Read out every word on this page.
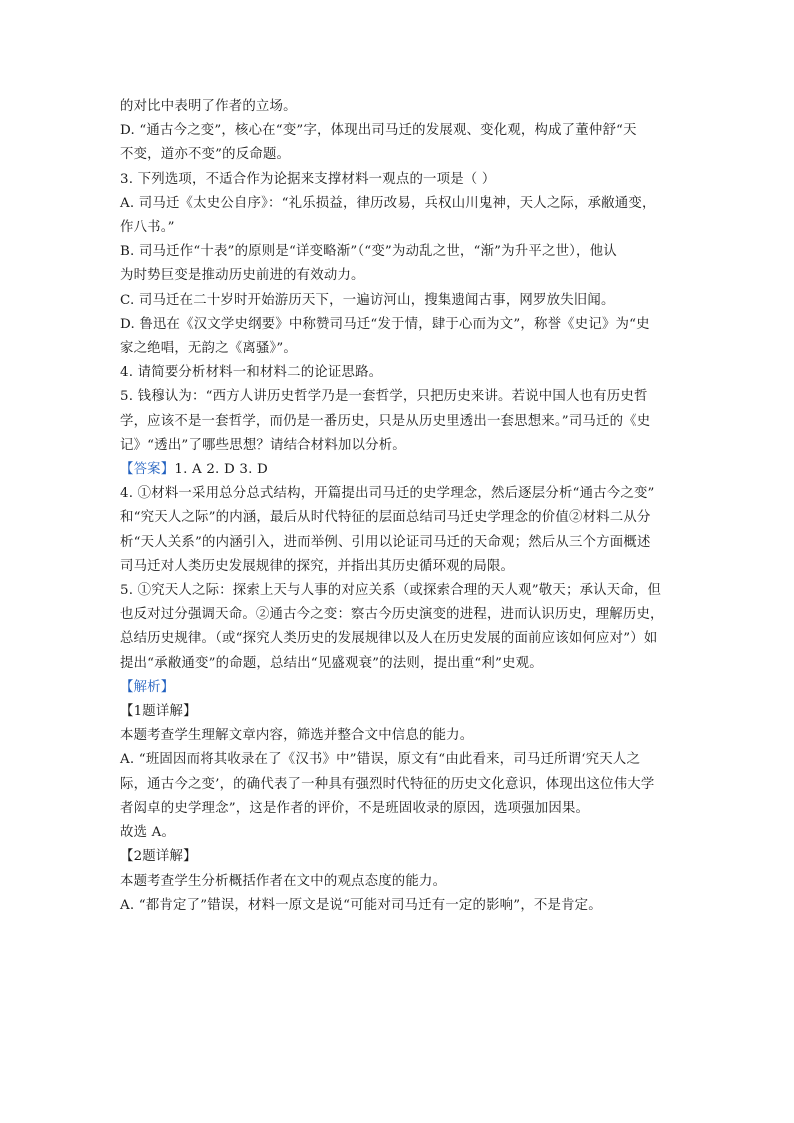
的对比中表明了作者的立场。
D. “通古今之变”，核心在“变”字，体现出司马迁的发展观、变化观，构成了董仲舒“天
不变，道亦不变”的反命题。
3. 下列选项，不适合作为论据来支撑材料一观点的一项是（ ）
A. 司马迁《太史公自序》：“礼乐损益，律历改易，兵权山川鬼神，天人之际，承敝通变，
作八书。”
B. 司马迁作“十表”的原则是“详变略渐”（“变”为动乱之世，“渐”为升平之世），他认
为时势巨变是推动历史前进的有效动力。
C. 司马迁在二十岁时开始游历天下，一遍访河山，搜集遗闻古事，网罗放失旧闻。
D. 鲁迅在《汉文学史纲要》中称赞司马迁“发于情，肆于心而为文”，称誉《史记》为“史
家之绝唱，无韵之《离骚》”。
4. 请简要分析材料一和材料二的论证思路。
5. 钱穆认为：“西方人讲历史哲学乃是一套哲学，只把历史来讲。若说中国人也有历史哲
学，应该不是一套哲学，而仍是一番历史，只是从历史里透出一套思想来。”司马迁的《史
记》“透出”了哪些思想？请结合材料加以分析。
【答案】1. A 2. D 3. D
4. ①材料一采用总分总式结构，开篇提出司马迁的史学理念，然后逐层分析“通古今之变”
和“究天人之际”的内涵，最后从时代特征的层面总结司马迁史学理念的价值②材料二从分
析“天人关系”的内涵引入，进而举例、引用以论证司马迁的天命观；然后从三个方面概述
司马迁对人类历史发展规律的探究，并指出其历史循环观的局限。
5. ①究天人之际：探索上天与人事的对应关系（或探索合理的天人观”敬天；承认天命，但
也反对过分强调天命。②通古今之变：察古今历史演变的进程，进而认识历史，理解历史，
总结历史规律。（或“探究人类历史的发展规律以及人在历史发展的面前应该如何应对”）如
提出“承敝通变”的命题，总结出“见盛观衰”的法则，提出重“利”史观。
【解析】
【1题详解】
本题考查学生理解文章内容，筛选并整合文中信息的能力。
A. “班固因而将其收录在了《汉书》中”错误，原文有“由此看来，司马迁所谓‘究天人之
际，通古今之变’，的确代表了一种具有强烈时代特征的历史文化意识，体现出这位伟大学
者闳卓的史学理念”，这是作者的评价，不是班固收录的原因，选项强加因果。
故选 A。
【2题详解】
本题考查学生分析概括作者在文中的观点态度的能力。
A. “都肯定了”错误，材料一原文是说“可能对司马迁有一定的影响”，不是肯定。
